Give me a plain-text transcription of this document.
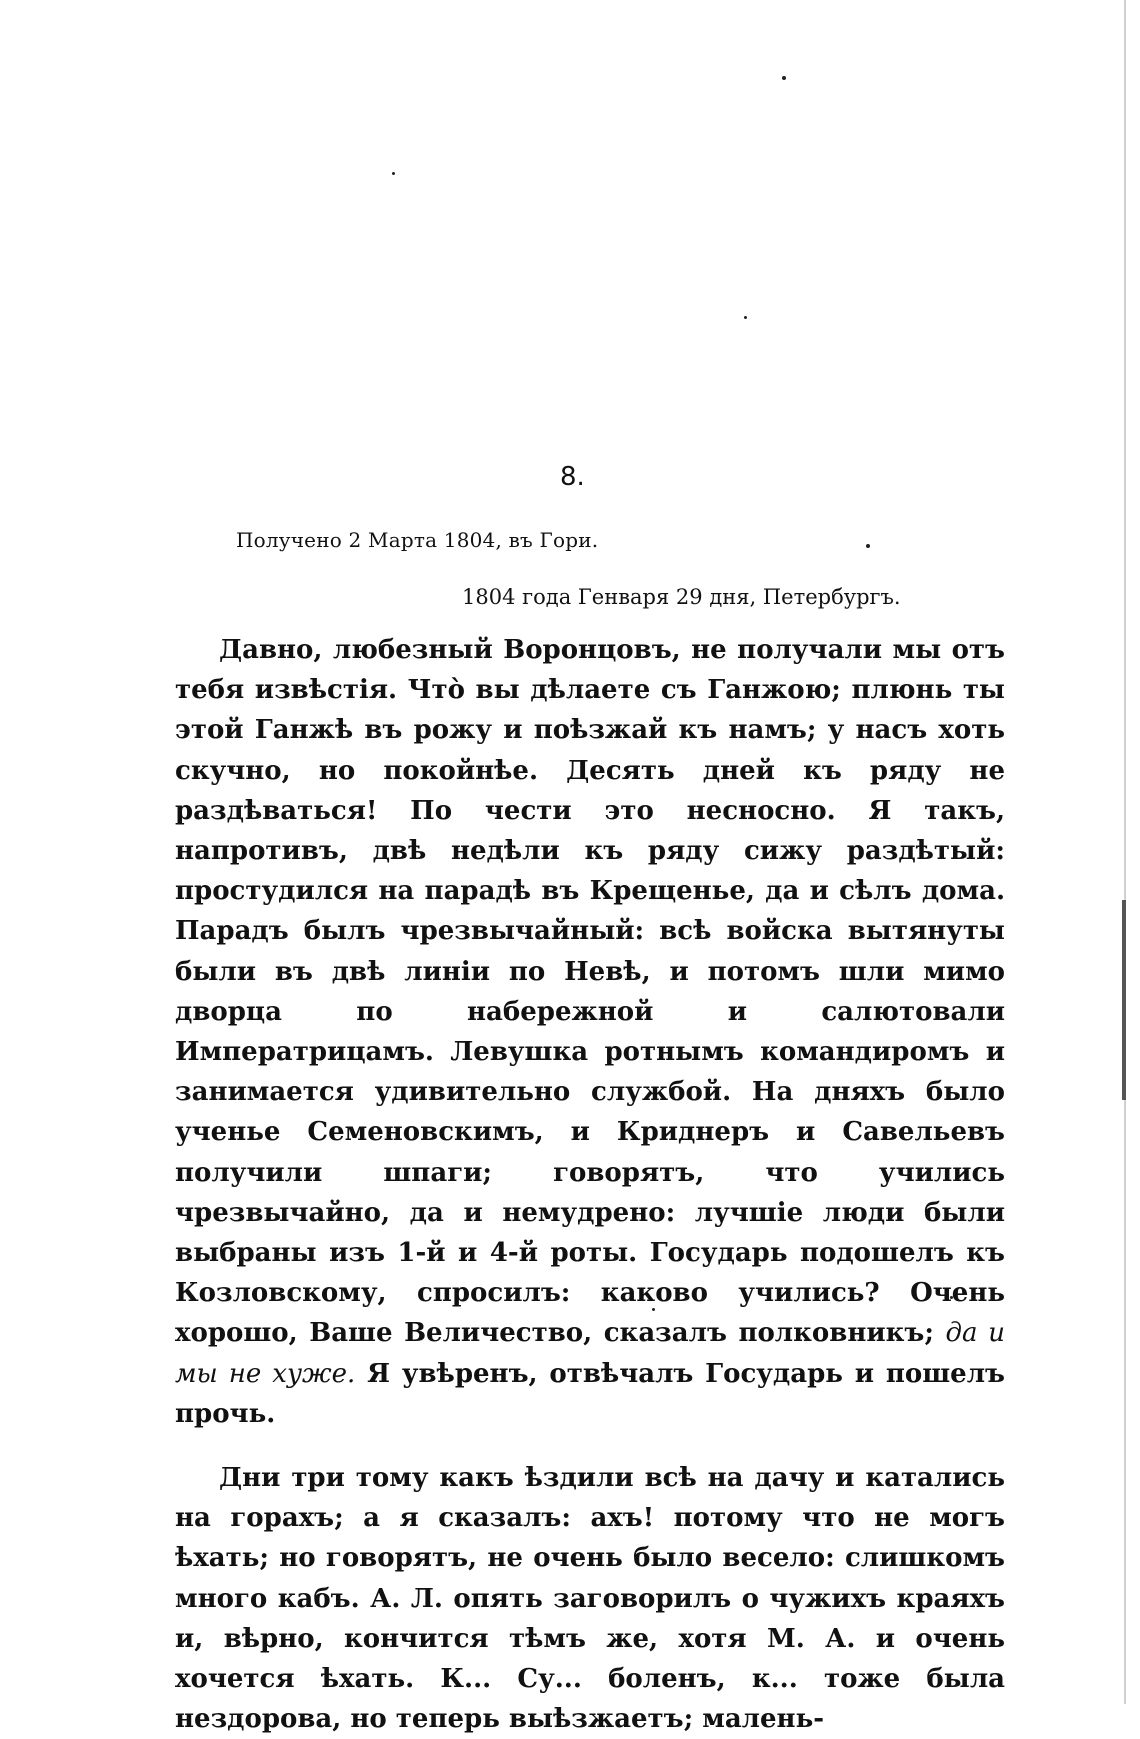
8.
Получено 2 Марта 1804, въ Гори.
1804 года Генваря 29 дня, Петербургъ.

Давно, любезный Воронцовъ, не получали мы отъ тебя извѣстія. Что̀ вы дѣлаете съ Ганжою; плюнь ты этой Ганжѣ въ рожу и поѣзжай къ намъ; у насъ хоть скучно, но покойнѣе. Десять дней къ ряду не раздѣваться! По чести это несносно. Я такъ, напротивъ, двѣ недѣли къ ряду сижу раздѣтый: простудился на парадѣ въ Крещенье, да и сѣлъ дома. Парадъ былъ чрезвычайный: всѣ войска вытянуты были въ двѣ линіи по Невѣ, и потомъ шли мимо дворца по набережной и салютовали Императрицамъ. Левушка ротнымъ командиромъ и занимается удивительно службой. На дняхъ было ученье Семеновскимъ, и Криднеръ и Савельевъ получили шпаги; говорятъ, что учились чрезвычайно, да и немудрено: лучшіе люди были выбраны изъ 1-й и 4-й роты. Государь подошелъ къ Козловскому, спросилъ: каково учились? Очень хорошо, Ваше Величество, сказалъ полковникъ; да и мы не хуже. Я увѣренъ, отвѣчалъ Государь и пошелъ прочь.

Дни три тому какъ ѣздили всѣ на дачу и катались на горахъ; а я сказалъ: ахъ! потому что не могъ ѣхать; но говорятъ, не очень было весело: слишкомъ много кабъ. А. Л. опять заговорилъ о чужихъ краяхъ и, вѣрно, кончится тѣмъ же, хотя М. А. и очень хочется ѣхать. К... Су... боленъ, к... тоже была нездорова, но теперь выѣзжаетъ; малень-
